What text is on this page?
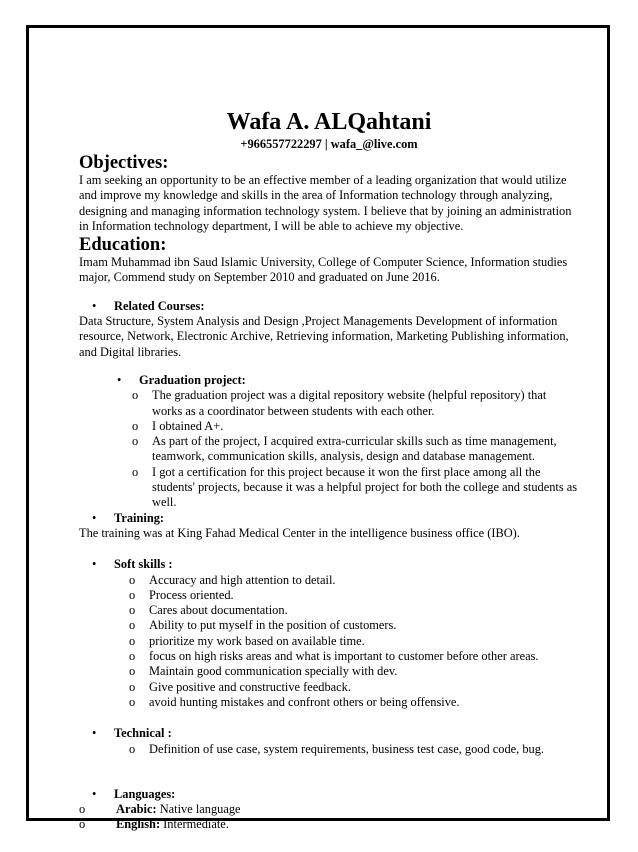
Wafa A. ALQahtani

+966557722297 | wafa_@live.com

Objectives:

I am seeking an opportunity to be an effective member of a leading organization that would utilize and improve my knowledge and skills in the area of Information technology through analyzing, designing and managing information technology system. I believe that by joining an administration in Information technology department, I will be able to achieve my objective.

Education:

Imam Muhammad ibn Saud Islamic University, College of Computer Science, Information studies major, Commend study on September 2010 and graduated on June 2016.

•	Related Courses:

Data Structure, System Analysis and Design ,Project Managements Development of information resource, Network, Electronic Archive, Retrieving information, Marketing Publishing information, and Digital libraries.

•	Graduation project:
o	The graduation project was a digital repository website (helpful repository) that works as a coordinator between students with each other.
o	I obtained A+.
o	As part of the project, I acquired extra-curricular skills such as time management, teamwork, communication skills, analysis, design and database management.
o	I got a certification for this project because it won the first place among all the students' projects, because it was a helpful project for both the college and students as well.
•	Training:

The training was at King Fahad Medical Center in the intelligence business office (IBO).

•	Soft skills :
o	Accuracy and high attention to detail.
o	Process oriented.
o	Cares about documentation.
o	Ability to put myself in the position of customers.
o	prioritize my work based on available time.
o	focus on high risks areas and what is important to customer before other areas.
o	Maintain good communication specially with dev.
o	Give positive and constructive feedback.
o	avoid hunting mistakes and confront others or being offensive.
•	Technical :
o	Definition of use case, system requirements, business test case, good code, bug.
•	Languages:
o	Arabic: Native language
o	English: Intermediate.
